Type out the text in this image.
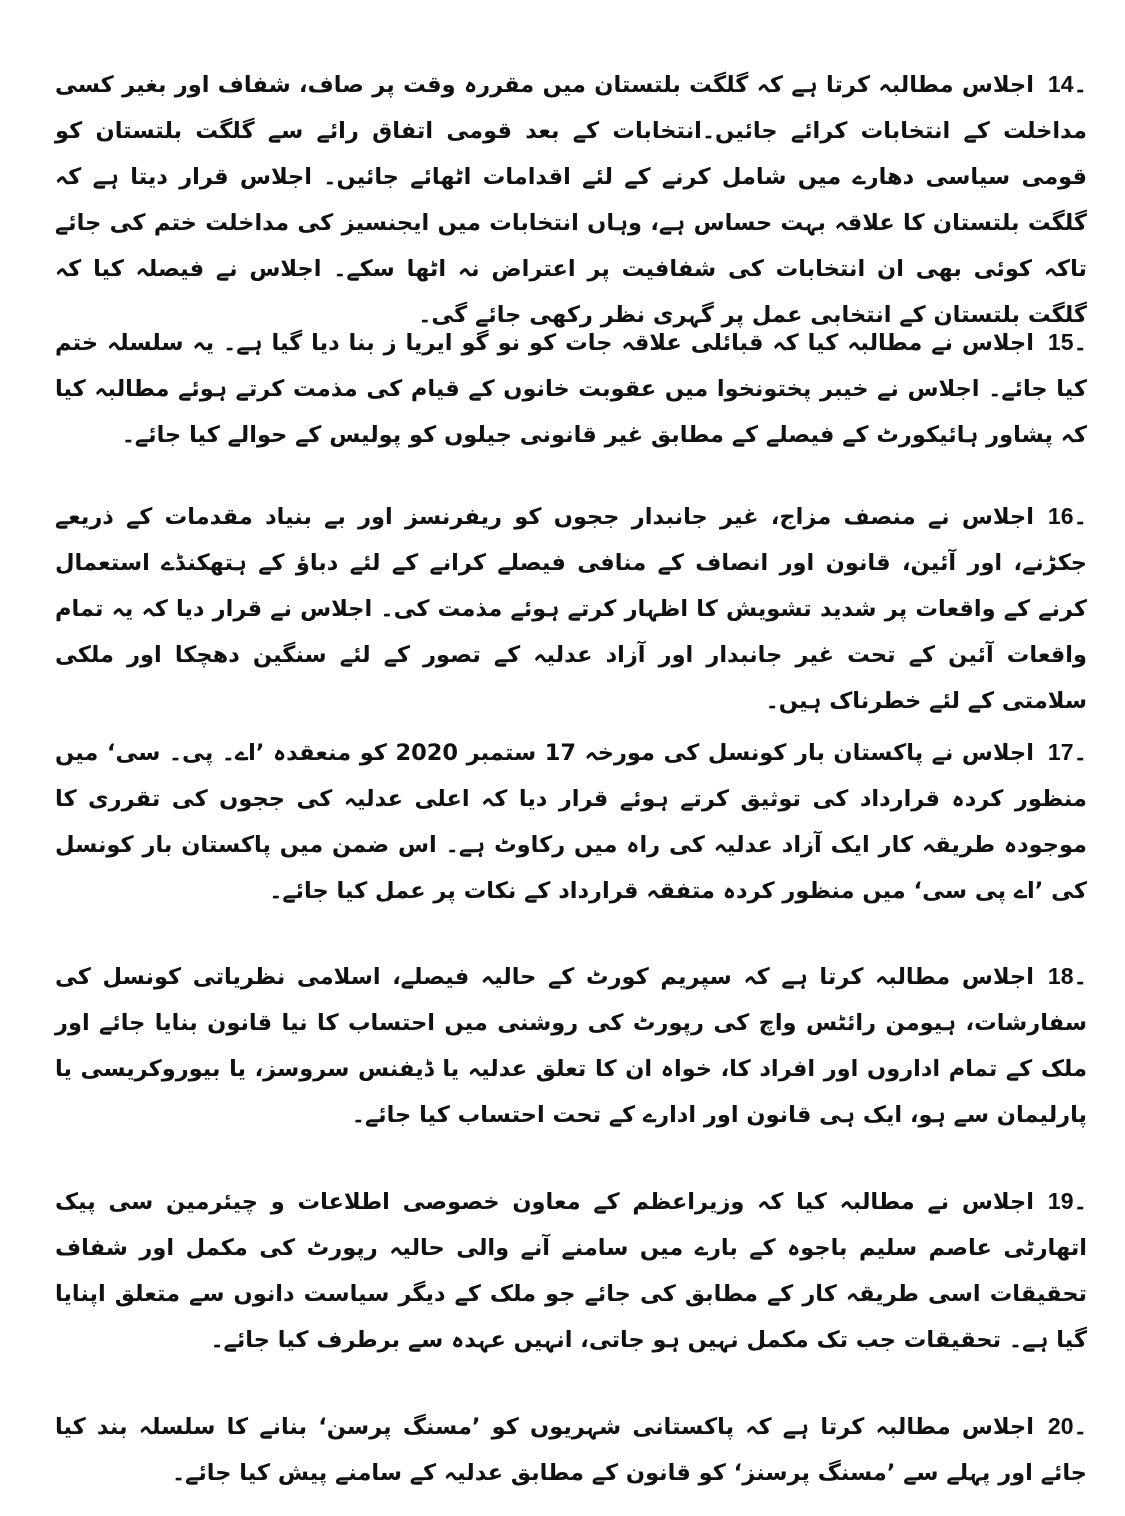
14۔اجلاس مطالبہ کرتا ہے کہ گلگت بلتستان میں مقررہ وقت پر صاف، شفاف اور بغیر کسی مداخلت کے انتخابات کرائے جائیں۔انتخابات کے بعد قومی اتفاق رائے سے گلگت بلتستان کو قومی سیاسی دھارے میں شامل کرنے کے لئے اقدامات اٹھائے جائیں۔ اجلاس قرار دیتا ہے کہ گلگت بلتستان کا علاقہ بہت حساس ہے، وہاں انتخابات میں ایجنسیز کی مداخلت ختم کی جائے تاکہ کوئی بھی ان انتخابات کی شفافیت پر اعتراض نہ اٹھا سکے۔ اجلاس نے فیصلہ کیا کہ گلگت بلتستان کے انتخابی عمل پر گہری نظر رکھی جائے گی۔

15۔اجلاس نے مطالبہ کیا کہ قبائلی علاقہ جات کو نو گو ایریا ز بنا دیا گیا ہے۔ یہ سلسلہ ختم کیا جائے۔ اجلاس نے خیبر پختونخوا میں عقوبت خانوں کے قیام کی مذمت کرتے ہوئے مطالبہ کیا کہ پشاور ہائیکورٹ کے فیصلے کے مطابق غیر قانونی جیلوں کو پولیس کے حوالے کیا جائے۔

16۔اجلاس نے منصف مزاج، غیر جانبدار ججوں کو ریفرنسز اور بے بنیاد مقدمات کے ذریعے جکڑنے، اور آئین، قانون اور انصاف کے منافی فیصلے کرانے کے لئے دباؤ کے ہتھکنڈے استعمال کرنے کے واقعات پر شدید تشویش کا اظہار کرتے ہوئے مذمت کی۔ اجلاس نے قرار دیا کہ یہ تمام واقعات آئین کے تحت غیر جانبدار اور آزاد عدلیہ کے تصور کے لئے سنگین دھچکا اور ملکی سلامتی کے لئے خطرناک ہیں۔

17۔اجلاس نے پاکستان بار کونسل کی مورخہ 17 ستمبر 2020 کو منعقدہ ’اے۔ پی۔ سی‘ میں منظور کردہ قرارداد کی توثیق کرتے ہوئے قرار دیا کہ اعلی عدلیہ کی ججوں کی تقرری کا موجودہ طریقہ کار ایک آزاد عدلیہ کی راہ میں رکاوٹ ہے۔ اس ضمن میں پاکستان بار کونسل کی ’اے پی سی‘ میں منظور کردہ متفقہ قرارداد کے نکات پر عمل کیا جائے۔

18۔اجلاس مطالبہ کرتا ہے کہ سپریم کورٹ کے حالیہ فیصلے، اسلامی نظریاتی کونسل کی سفارشات، ہیومن رائٹس واچ کی رپورٹ کی روشنی میں احتساب کا نیا قانون بنایا جائے اور ملک کے تمام اداروں اور افراد کا، خواہ ان کا تعلق عدلیہ یا ڈیفنس سروسز، یا بیوروکریسی یا پارلیمان سے ہو، ایک ہی قانون اور ادارے کے تحت احتساب کیا جائے۔

19۔اجلاس نے مطالبہ کیا کہ وزیراعظم کے معاون خصوصی اطلاعات و چیئرمین سی پیک اتھارٹی عاصم سلیم باجوہ کے بارے میں سامنے آنے والی حالیہ رپورٹ کی مکمل اور شفاف تحقیقات اسی طریقہ کار کے مطابق کی جائے جو ملک کے دیگر سیاست دانوں سے متعلق اپنایا گیا ہے۔ تحقیقات جب تک مکمل نہیں ہو جاتی، انہیں عہدہ سے برطرف کیا جائے۔

20۔اجلاس مطالبہ کرتا ہے کہ پاکستانی شہریوں کو ’مسنگ پرسن‘ بنانے کا سلسلہ بند کیا جائے اور پہلے سے ’مسنگ پرسنز‘ کو قانون کے مطابق عدلیہ کے سامنے پیش کیا جائے۔
